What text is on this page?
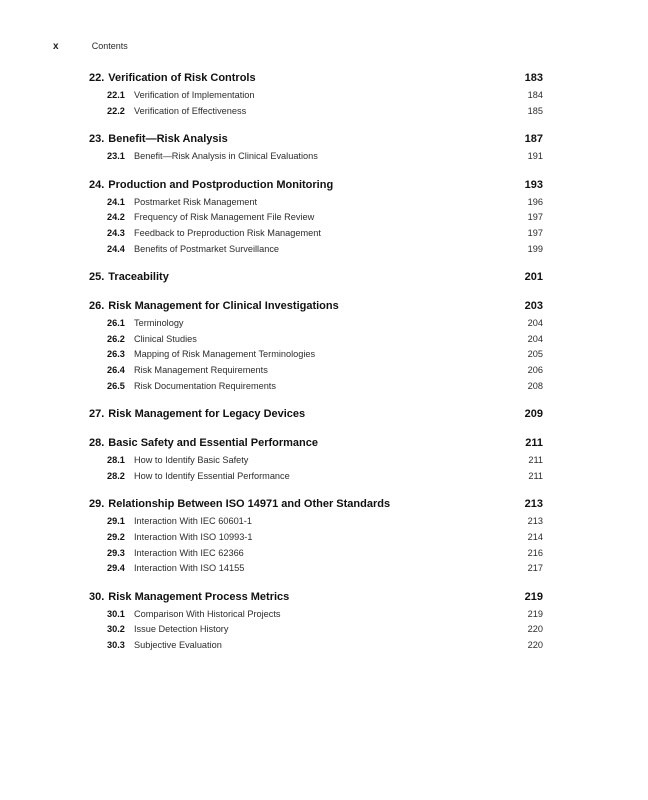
x	Contents
22. Verification of Risk Controls	183
22.1 Verification of Implementation	184
22.2 Verification of Effectiveness	185
23. Benefit—Risk Analysis	187
23.1 Benefit—Risk Analysis in Clinical Evaluations	191
24. Production and Postproduction Monitoring	193
24.1 Postmarket Risk Management	196
24.2 Frequency of Risk Management File Review	197
24.3 Feedback to Preproduction Risk Management	197
24.4 Benefits of Postmarket Surveillance	199
25. Traceability	201
26. Risk Management for Clinical Investigations	203
26.1 Terminology	204
26.2 Clinical Studies	204
26.3 Mapping of Risk Management Terminologies	205
26.4 Risk Management Requirements	206
26.5 Risk Documentation Requirements	208
27. Risk Management for Legacy Devices	209
28. Basic Safety and Essential Performance	211
28.1 How to Identify Basic Safety	211
28.2 How to Identify Essential Performance	211
29. Relationship Between ISO 14971 and Other Standards	213
29.1 Interaction With IEC 60601-1	213
29.2 Interaction With ISO 10993-1	214
29.3 Interaction With IEC 62366	216
29.4 Interaction With ISO 14155	217
30. Risk Management Process Metrics	219
30.1 Comparison With Historical Projects	219
30.2 Issue Detection History	220
30.3 Subjective Evaluation	220
